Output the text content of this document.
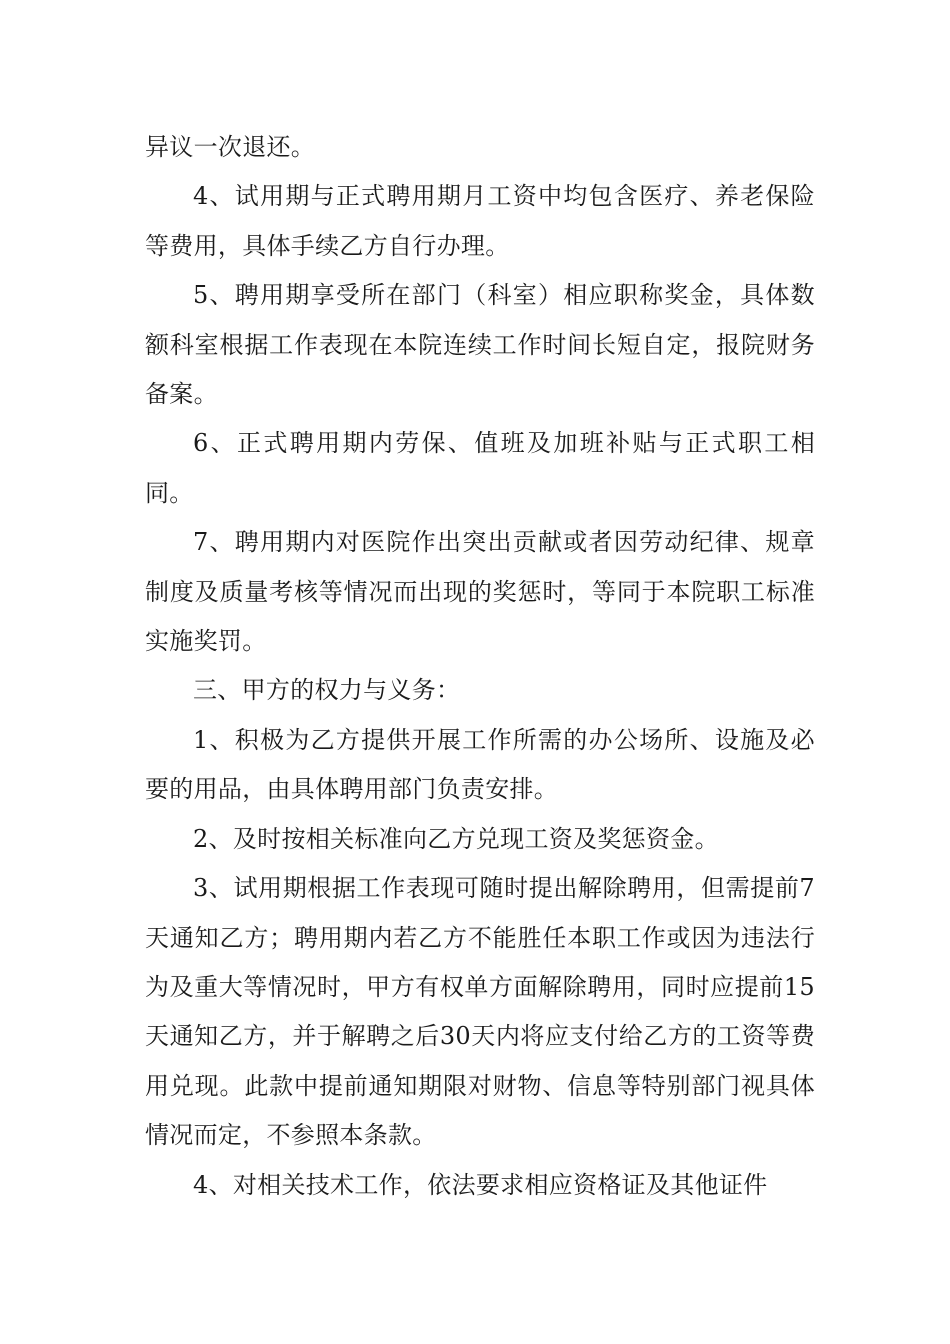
异议一次退还。

4、试用期与正式聘用期月工资中均包含医疗、养老保险等费用，具体手续乙方自行办理。

5、聘用期享受所在部门（科室）相应职称奖金，具体数额科室根据工作表现在本院连续工作时间长短自定，报院财务备案。

6、正式聘用期内劳保、值班及加班补贴与正式职工相同。

7、聘用期内对医院作出突出贡献或者因劳动纪律、规章制度及质量考核等情况而出现的奖惩时，等同于本院职工标准实施奖罚。

三、甲方的权力与义务：

1、积极为乙方提供开展工作所需的办公场所、设施及必要的用品，由具体聘用部门负责安排。

2、及时按相关标准向乙方兑现工资及奖惩资金。

3、试用期根据工作表现可随时提出解除聘用，但需提前7天通知乙方；聘用期内若乙方不能胜任本职工作或因为违法行为及重大等情况时，甲方有权单方面解除聘用，同时应提前15天通知乙方，并于解聘之后30天内将应支付给乙方的工资等费用兑现。此款中提前通知期限对财物、信息等特别部门视具体情况而定，不参照本条款。

4、对相关技术工作，依法要求相应资格证及其他证件
